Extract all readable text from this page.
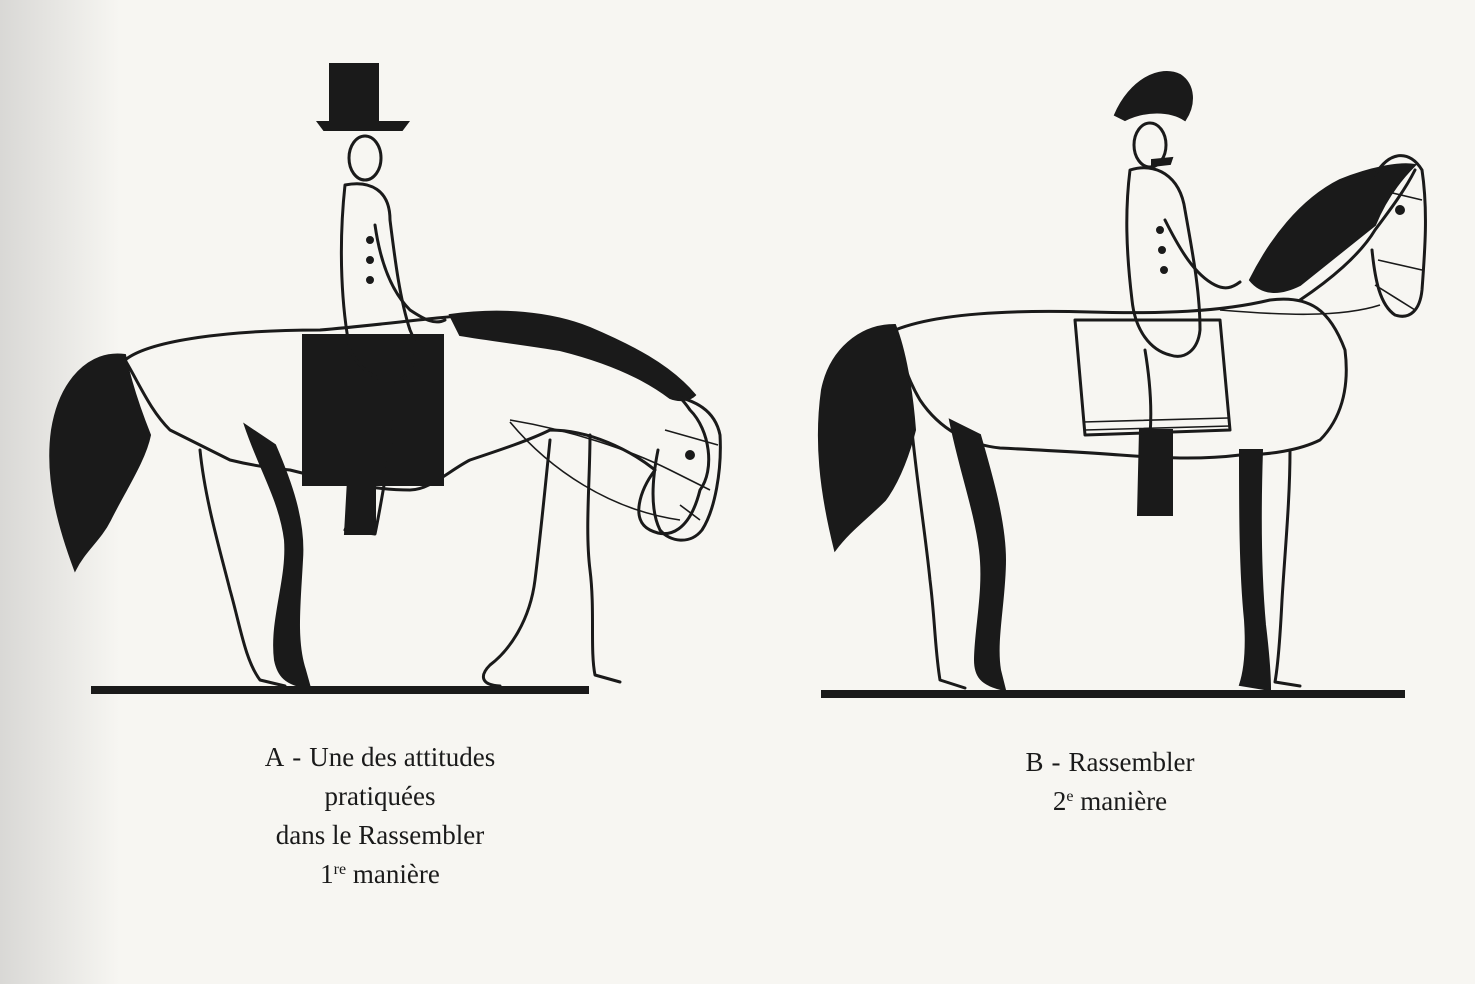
A - Une des attitudes
pratiquées
dans le Rassembler
1re manière
B - Rassembler
2e manière
